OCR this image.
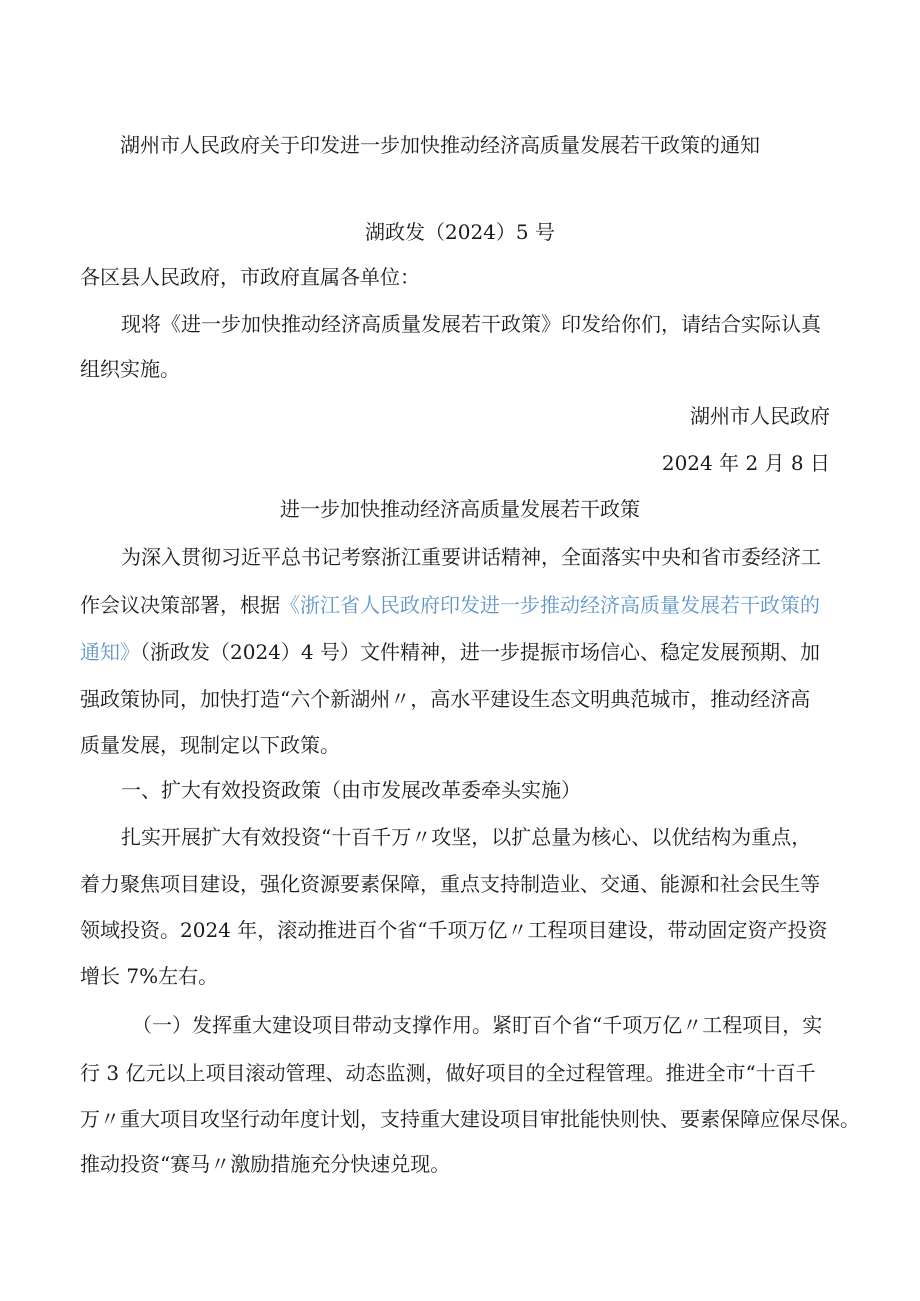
湖州市人民政府关于印发进一步加快推动经济高质量发展若干政策的通知
湖政发（2024）5 号
各区县人民政府，市政府直属各单位：
现将《进一步加快推动经济高质量发展若干政策》印发给你们，请结合实际认真
组织实施。
湖州市人民政府
2024 年 2 月 8 日
进一步加快推动经济高质量发展若干政策
为深入贯彻习近平总书记考察浙江重要讲话精神，全面落实中央和省市委经济工
作会议决策部署，根据《浙江省人民政府印发进一步推动经济高质量发展若干政策的
通知》（浙政发（2024）4 号）文件精神，进一步提振市场信心、稳定发展预期、加
强政策协同，加快打造“六个新湖州〃，高水平建设生态文明典范城市，推动经济高
质量发展，现制定以下政策。
一、扩大有效投资政策（由市发展改革委牵头实施）
扎实开展扩大有效投资“十百千万〃攻坚，以扩总量为核心、以优结构为重点，
着力聚焦项目建设，强化资源要素保障，重点支持制造业、交通、能源和社会民生等
领域投资。2024 年，滚动推进百个省“千项万亿〃工程项目建设，带动固定资产投资
增长 7%左右。
（一）发挥重大建设项目带动支撑作用。紧盯百个省“千项万亿〃工程项目，实
行 3 亿元以上项目滚动管理、动态监测，做好项目的全过程管理。推进全市“十百千
万〃重大项目攻坚行动年度计划，支持重大建设项目审批能快则快、要素保障应保尽保。
推动投资“赛马〃激励措施充分快速兑现。
